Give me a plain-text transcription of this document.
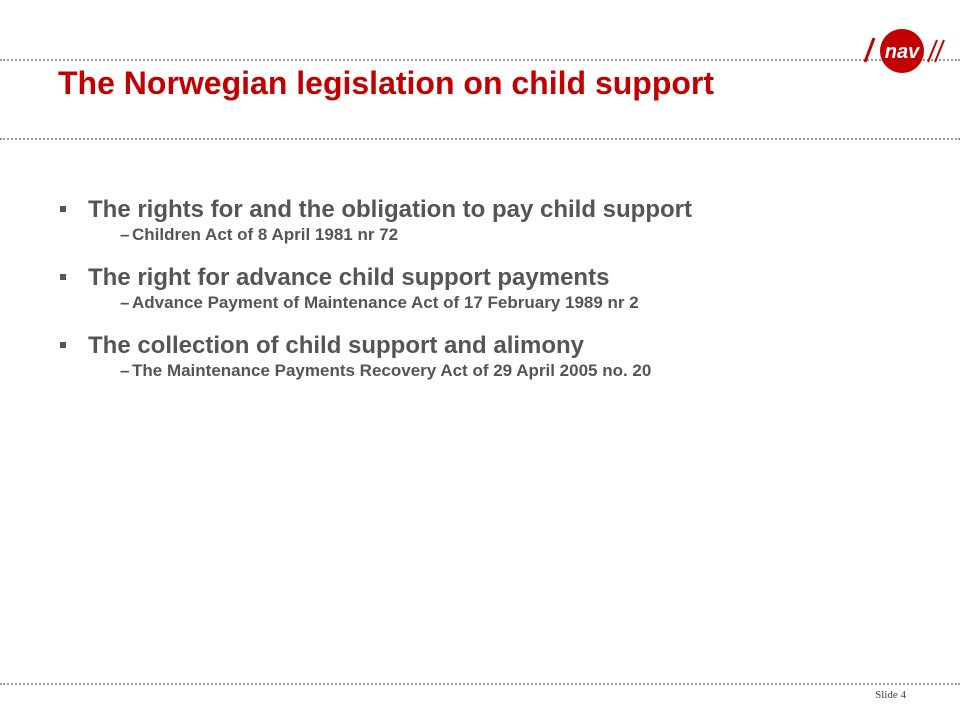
nav
The Norwegian legislation on child support
The rights for and the obligation to pay child support
– Children Act of 8 April 1981 nr 72
The right for advance child support payments
– Advance Payment of Maintenance Act of 17 February 1989 nr 2
The collection of child support and alimony
– The Maintenance Payments Recovery Act of 29 April 2005 no. 20
Slide 4
